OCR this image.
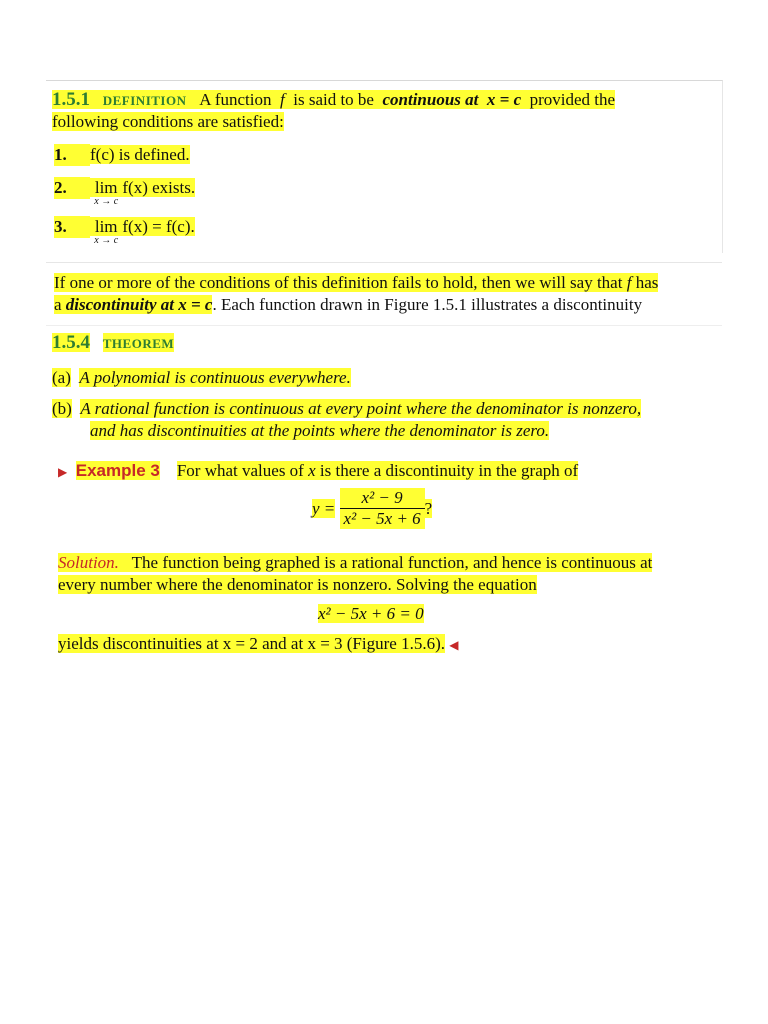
1.5.1 DEFINITION A function f is said to be continuous at x = c provided the
following conditions are satisfied:
1. f(c) is defined.
2. lim
x → c
f(x) exists.
3. lim
x → c
f(x) = f(c).
If one or more of the conditions of this definition fails to hold, then we will say that f has
a discontinuity at x = c. Each function drawn in Figure 1.5.1 illustrates a discontinuity
1.5.4 THEOREM
(a) A polynomial is continuous everywhere.
(b) A rational function is continuous at every point where the denominator is nonzero,
and has discontinuities at the points where the denominator is zero.
▶ Example 3 For what values of x is there a discontinuity in the graph of
$y = \frac{\text{x² − 9}}{\text{x² − 5x + 6}}$ ?
Solution. The function being graphed is a rational function, and hence is continuous at
every number where the denominator is nonzero. Solving the equation
x² − 5x + 6 = 0
yields discontinuities at x = 2 and at x = 3 (Figure 1.5.6). ◀
